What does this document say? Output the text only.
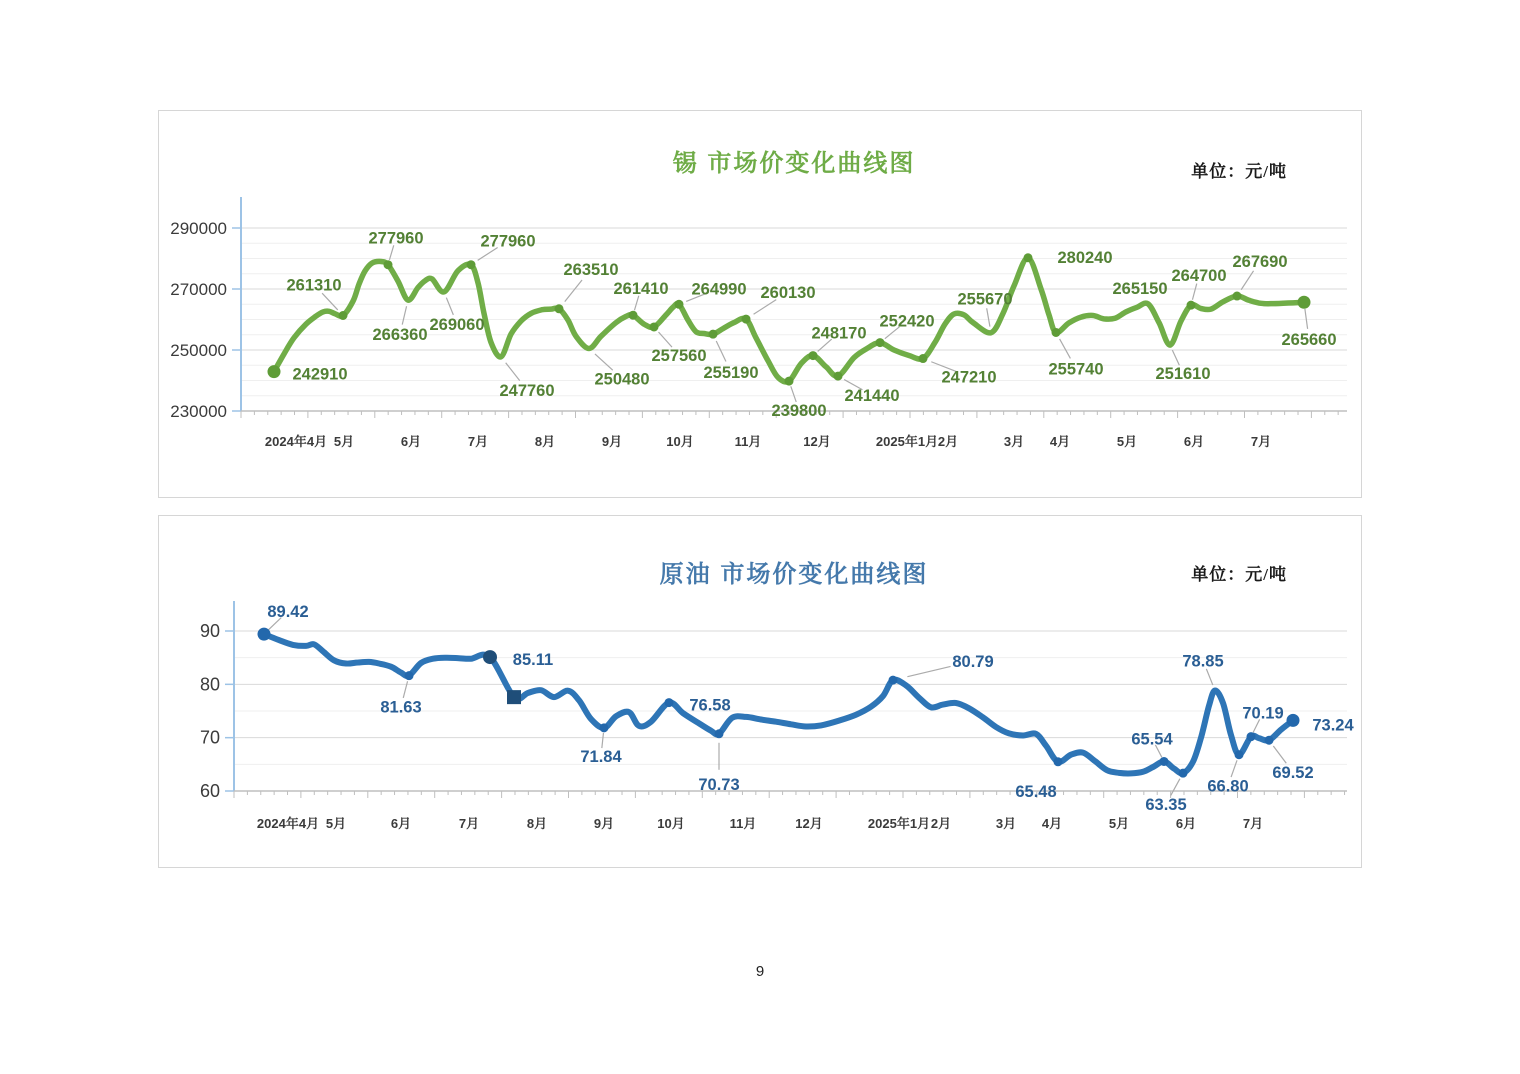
锡 市场价变化曲线图	单位：元/吨
290000
270000
250000
230000
2024年4月 5月	6月	7月	8月	9月	10月	11月	12月	2025年1月 2月	3月 4月	5月	6月	7月
242910
261310
277960
266360
269060
277960
247760
263510
250480
261410
257560
264990
255190
260130
239800
248170
241440
252420
247210
255670
280240
255740
265150
251610
264700
267690
265660
原油 市场价变化曲线图	单位：元/吨
90
80
70
60
2024年4月 5月	6月	7月	8月	9月	10月	11月	12月	2025年1月 2月	3月 4月	5月	6月	7月
89.42
81.63
85.11
71.84
76.58
70.73
80.79
65.48
65.54
63.35
78.85
66.80
70.19
69.52
73.24
9
